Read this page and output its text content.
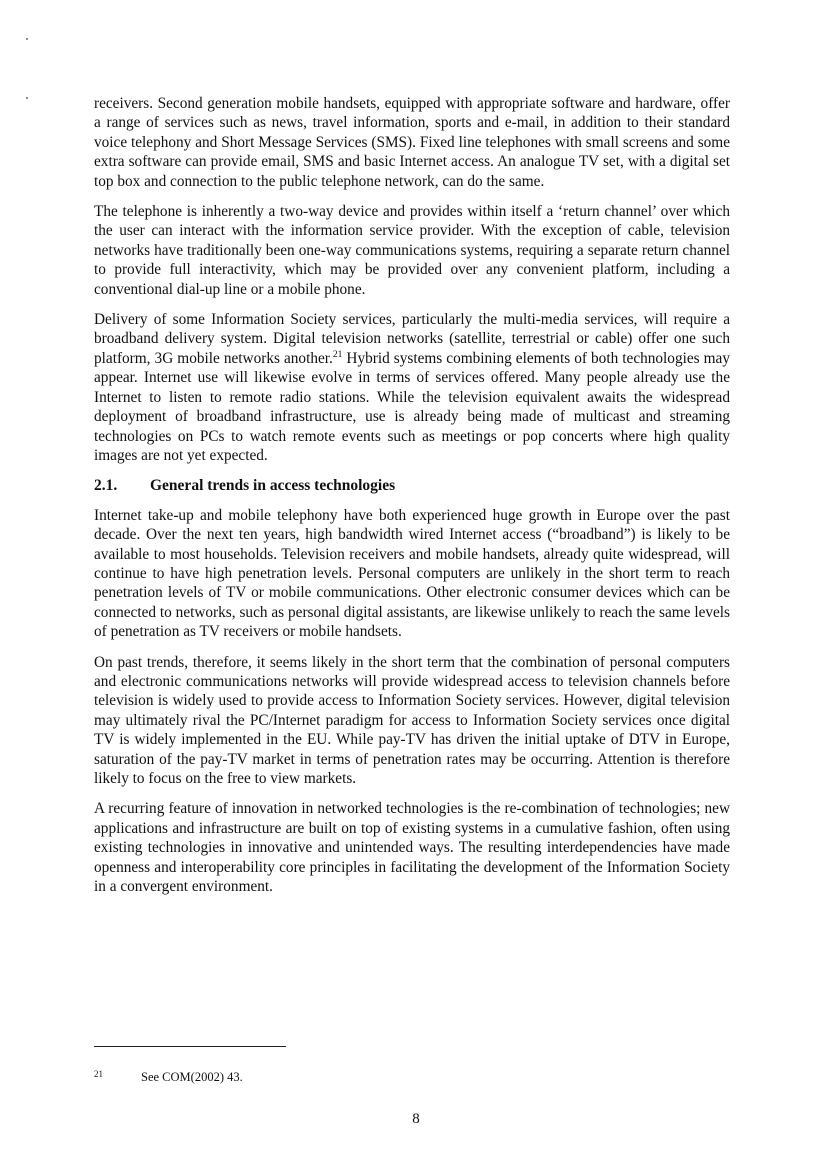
receivers. Second generation mobile handsets, equipped with appropriate software and hardware, offer a range of services such as news, travel information, sports and e-mail, in addition to their standard voice telephony and Short Message Services (SMS). Fixed line telephones with small screens and some extra software can provide email, SMS and basic Internet access. An analogue TV set, with a digital set top box and connection to the public telephone network, can do the same.

The telephone is inherently a two-way device and provides within itself a ‘return channel’ over which the user can interact with the information service provider. With the exception of cable, television networks have traditionally been one-way communications systems, requiring a separate return channel to provide full interactivity, which may be provided over any convenient platform, including a conventional dial-up line or a mobile phone.

Delivery of some Information Society services, particularly the multi-media services, will require a broadband delivery system. Digital television networks (satellite, terrestrial or cable) offer one such platform, 3G mobile networks another.$^{21}$ Hybrid systems combining elements of both technologies may appear. Internet use will likewise evolve in terms of services offered. Many people already use the Internet to listen to remote radio stations. While the television equivalent awaits the widespread deployment of broadband infrastructure, use is already being made of multicast and streaming technologies on PCs to watch remote events such as meetings or pop concerts where high quality images are not yet expected.

2.1. General trends in access technologies

Internet take-up and mobile telephony have both experienced huge growth in Europe over the past decade. Over the next ten years, high bandwidth wired Internet access (“broadband”) is likely to be available to most households. Television receivers and mobile handsets, already quite widespread, will continue to have high penetration levels. Personal computers are unlikely in the short term to reach penetration levels of TV or mobile communications. Other electronic consumer devices which can be connected to networks, such as personal digital assistants, are likewise unlikely to reach the same levels of penetration as TV receivers or mobile handsets.

On past trends, therefore, it seems likely in the short term that the combination of personal computers and electronic communications networks will provide widespread access to television channels before television is widely used to provide access to Information Society services. However, digital television may ultimately rival the PC/Internet paradigm for access to Information Society services once digital TV is widely implemented in the EU. While pay-TV has driven the initial uptake of DTV in Europe, saturation of the pay-TV market in terms of penetration rates may be occurring. Attention is therefore likely to focus on the free to view markets.

A recurring feature of innovation in networked technologies is the re-combination of technologies; new applications and infrastructure are built on top of existing systems in a cumulative fashion, often using existing technologies in innovative and unintended ways. The resulting interdependencies have made openness and interoperability core principles in facilitating the development of the Information Society in a convergent environment.

21	See COM(2002) 43.
8
